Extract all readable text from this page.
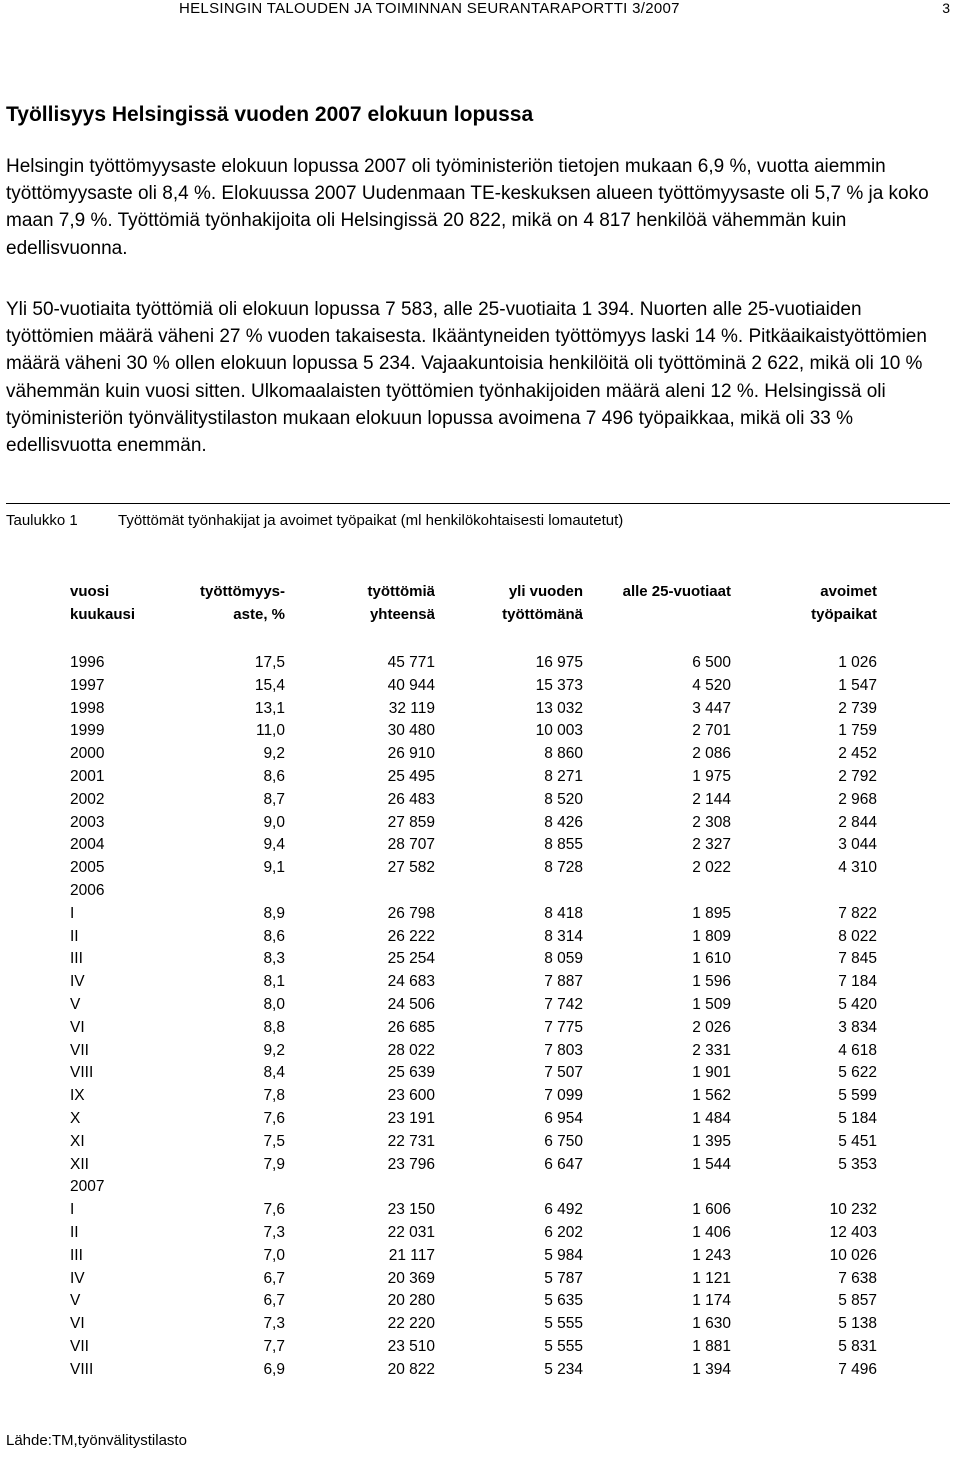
HELSINGIN TALOUDEN JA TOIMINNAN SEURANTARAPORTTI 3/2007	3
Työllisyys Helsingissä vuoden 2007 elokuun lopussa

Helsingin työttömyysaste elokuun lopussa 2007 oli työministeriön tietojen mukaan 6,9 %, vuotta aiemmin työttömyysaste oli 8,4 %. Elokuussa 2007 Uudenmaan TE-keskuksen alueen työttömyysaste oli 5,7 % ja koko maan 7,9 %. Työttömiä työnhakijoita oli Helsingissä 20 822, mikä on 4 817 henkilöä vähemmän kuin edellisvuonna.

Yli 50-vuotiaita työttömiä oli elokuun lopussa 7 583, alle 25-vuotiaita 1 394. Nuorten alle 25-vuotiaiden työttömien määrä väheni 27 % vuoden takaisesta. Ikääntyneiden työttömyys laski 14 %. Pitkäaikaistyöttömien määrä väheni 30 % ollen elokuun lopussa 5 234. Vajaakuntoisia henkilöitä oli työttöminä 2 622, mikä oli 10 % vähemmän kuin vuosi sitten. Ulkomaalaisten työttömien työnhakijoiden määrä aleni 12 %. Helsingissä oli työministeriön työnvälitystilaston mukaan elokuun lopussa avoimena 7 496 työpaikkaa, mikä oli 33 % edellisvuotta enemmän.

Taulukko 1	Työttömät työnhakijat ja avoimet työpaikat (ml henkilökohtaisesti lomautetut)
	vuosi	työttömyys-	työttömiä	yli vuoden	alle 25-vuotiaat	avoimet	
	kuukausi	aste, %	yhteensä	työttömänä		työpaikat	

	1996	17,5	45 771	16 975	6 500	1 026	
	1997	15,4	40 944	15 373	4 520	1 547	
	1998	13,1	32 119	13 032	3 447	2 739	
	1999	11,0	30 480	10 003	2 701	1 759	
	2000	9,2	26 910	8 860	2 086	2 452	
	2001	8,6	25 495	8 271	1 975	2 792	
	2002	8,7	26 483	8 520	2 144	2 968	
	2003	9,0	27 859	8 426	2 308	2 844	
	2004	9,4	28 707	8 855	2 327	3 044	
	2005	9,1	27 582	8 728	2 022	4 310	
	2006						
	I	8,9	26 798	8 418	1 895	7 822	
	II	8,6	26 222	8 314	1 809	8 022	
	III	8,3	25 254	8 059	1 610	7 845	
	IV	8,1	24 683	7 887	1 596	7 184	
	V	8,0	24 506	7 742	1 509	5 420	
	VI	8,8	26 685	7 775	2 026	3 834	
	VII	9,2	28 022	7 803	2 331	4 618	
	VIII	8,4	25 639	7 507	1 901	5 622	
	IX	7,8	23 600	7 099	1 562	5 599	
	X	7,6	23 191	6 954	1 484	5 184	
	XI	7,5	22 731	6 750	1 395	5 451	
	XII	7,9	23 796	6 647	1 544	5 353	
	2007						
	I	7,6	23 150	6 492	1 606	10 232	
	II	7,3	22 031	6 202	1 406	12 403	
	III	7,0	21 117	5 984	1 243	10 026	
	IV	6,7	20 369	5 787	1 121	7 638	
	V	6,7	20 280	5 635	1 174	5 857	
	VI	7,3	22 220	5 555	1 630	5 138	
	VII	7,7	23 510	5 555	1 881	5 831	
	VIII	6,9	20 822	5 234	1 394	7 496	
Lähde:TM,työnvälitystilasto
